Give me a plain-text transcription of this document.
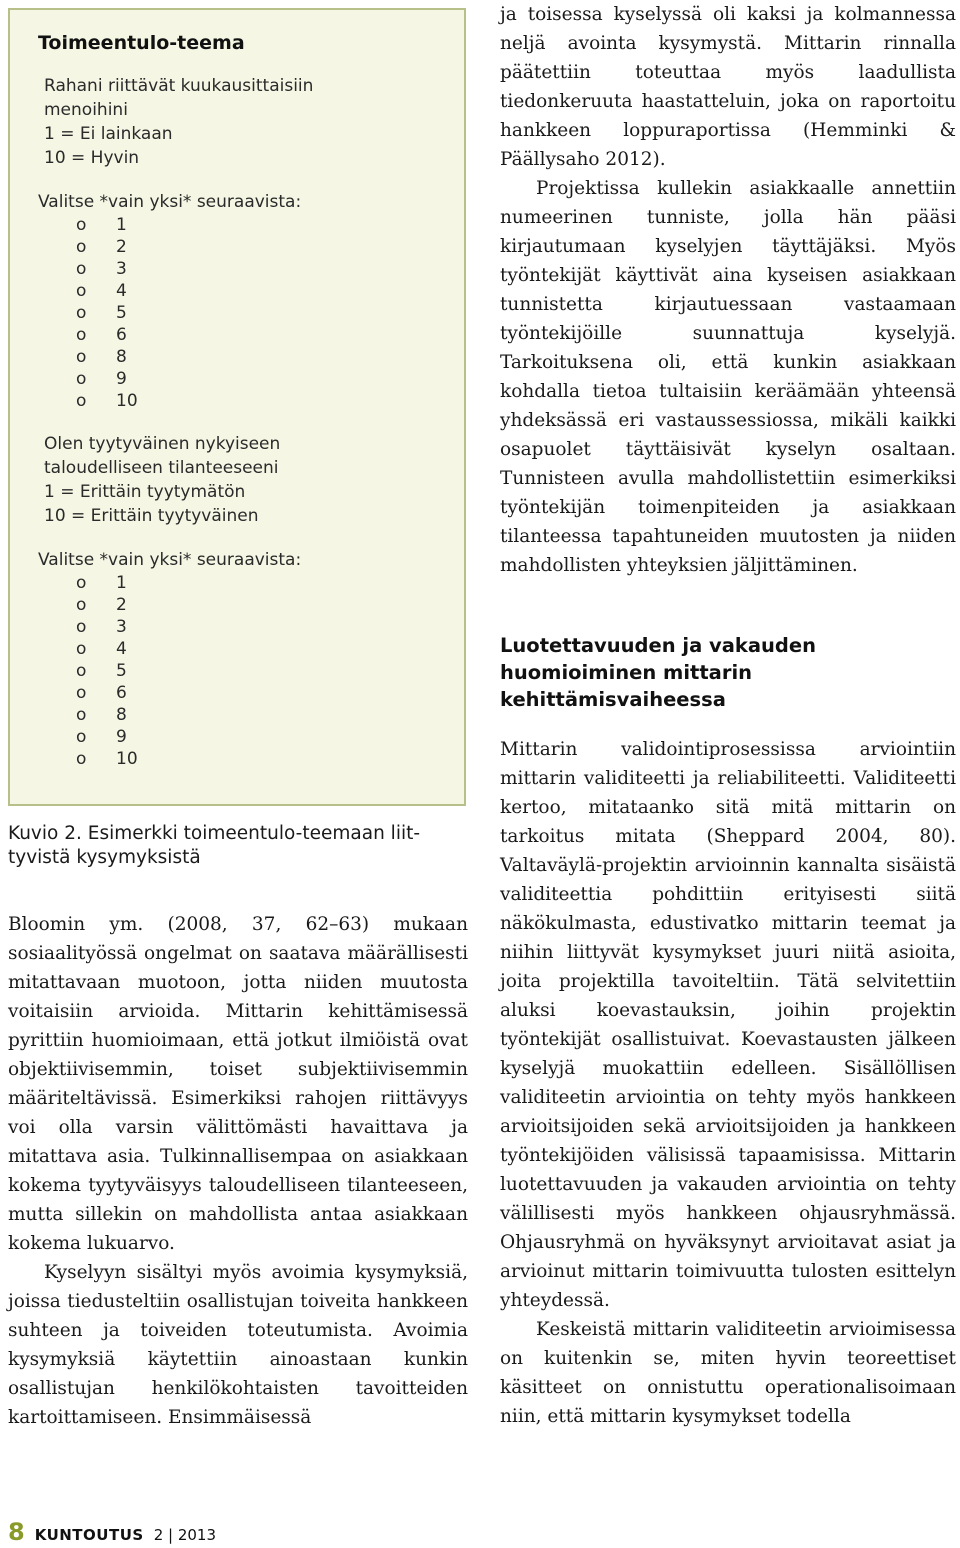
Toimeentulo-teema
Rahani riittävät kuukausittaisiin
menoihini
1 = Ei lainkaan
10 = Hyvin
Valitse *vain yksi* seuraavista:
o	1
o	2
o	3
o	4
o	5
o	6
o	8
o	9
o	10
Olen tyytyväinen nykyiseen
taloudelliseen tilanteeseeni
1 = Erittäin tyytymätön
10 = Erittäin tyytyväinen
Valitse *vain yksi* seuraavista:
o	1
o	2
o	3
o	4
o	5
o	6
o	8
o	9
o	10
Kuvio 2. Esimerkki toimeentulo-teemaan liittyvistä kysymyksistä

Bloomin ym. (2008, 37, 62–63) mukaan sosiaalityössä ongelmat on saatava määrällisesti mitattavaan muotoon, jotta niiden muutosta voitaisiin arvioida. Mittarin kehittämisessä pyrittiin huomioimaan, että jotkut ilmiöistä ovat objektiivisemmin, toiset subjektiivisemmin määriteltävissä. Esimerkiksi rahojen riittävyys voi olla varsin välittömästi havaittava ja mitattava asia. Tulkinnallisempaa on asiakkaan kokema tyytyväisyys taloudelliseen tilanteeseen, mutta sillekin on mahdollista antaa asiakkaan kokema lukuarvo.

Kyselyyn sisältyi myös avoimia kysymyksiä, joissa tiedusteltiin osallistujan toiveita hankkeen suhteen ja toiveiden toteutumista. Avoimia kysymyksiä käytettiin ainoastaan kunkin osallistujan henkilökohtaisten tavoitteiden kartoittamiseen. Ensimmäisessä

ja toisessa kyselyssä oli kaksi ja kolmannessa neljä avointa kysymystä. Mittarin rinnalla päätettiin toteuttaa myös laadullista tiedonkeruuta haastatteluin, joka on raportoitu hankkeen loppuraportissa (Hemminki & Päällysaho 2012).

Projektissa kullekin asiakkaalle annettiin numeerinen tunniste, jolla hän pääsi kirjautumaan kyselyjen täyttäjäksi. Myös työntekijät käyttivät aina kyseisen asiakkaan tunnistetta kirjautuessaan vastaamaan työntekijöille suunnattuja kyselyjä. Tarkoituksena oli, että kunkin asiakkaan kohdalla tietoa tultaisiin keräämään yhteensä yhdeksässä eri vastaussessiossa, mikäli kaikki osapuolet täyttäisivät kyselyn osaltaan. Tunnisteen avulla mahdollistettiin esimerkiksi työntekijän toimenpiteiden ja asiakkaan tilanteessa tapahtuneiden muutosten ja niiden mahdollisten yhteyksien jäljittäminen.

Luotettavuuden ja vakauden huomioiminen mittarin kehittämisvaiheessa

Mittarin validointiprosessissa arviointiin mittarin validiteetti ja reliabiliteetti. Validiteetti kertoo, mitataanko sitä mitä mittarin on tarkoitus mitata (Sheppard 2004, 80). Valtaväylä-projektin arvioinnin kannalta sisäistä validiteettia pohdittiin erityisesti siitä näkökulmasta, edustivatko mittarin teemat ja niihin liittyvät kysymykset juuri niitä asioita, joita projektilla tavoiteltiin. Tätä selvitettiin aluksi koevastauksin, joihin projektin työntekijät osallistuivat. Koevastausten jälkeen kyselyjä muokattiin edelleen. Sisällöllisen validiteetin arviointia on tehty myös hankkeen arvioitsijoiden sekä arvioitsijoiden ja hankkeen työntekijöiden välisissä tapaamisissa. Mittarin luotettavuuden ja vakauden arviointia on tehty välillisesti myös hankkeen ohjausryhmässä. Ohjausryhmä on hyväksynyt arvioitavat asiat ja arvioinut mittarin toimivuutta tulosten esittelyn yhteydessä.

Keskeistä mittarin validiteetin arvioimisessa on kuitenkin se, miten hyvin teoreettiset käsitteet on onnistuttu operationalisoimaan niin, että mittarin kysymykset todella

8 KUNTOUTUS 2 | 2013
